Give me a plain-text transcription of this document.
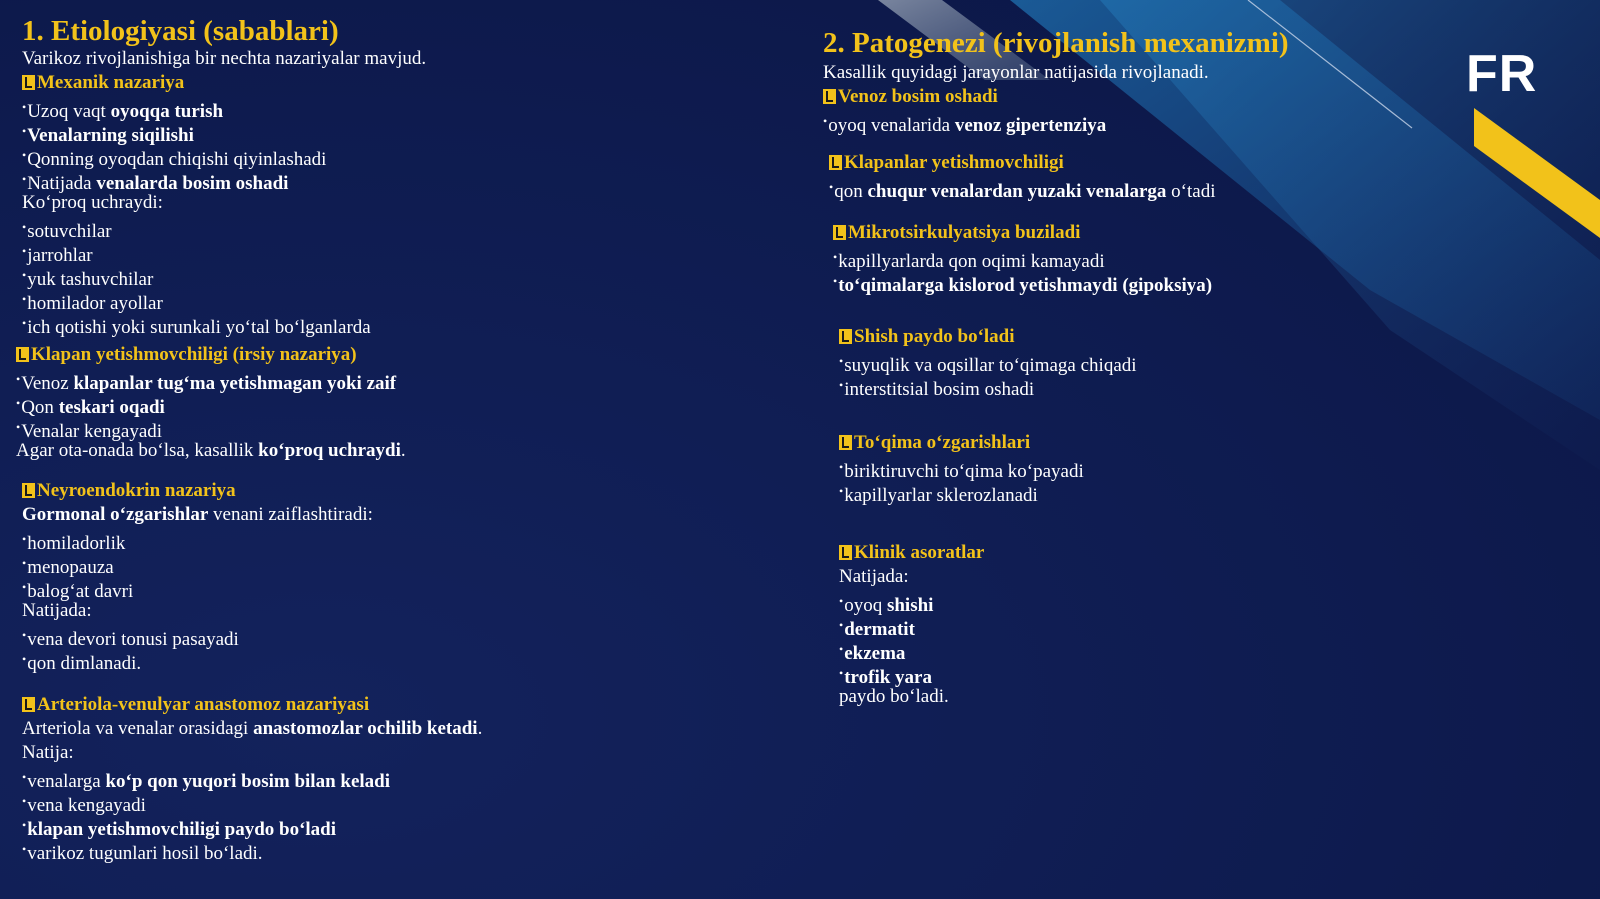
FR
1. Etiologiyasi (sabablari)
Varikoz rivojlanishiga bir nechta nazariyalar mavjud.
Mexanik nazariya
•Uzoq vaqt oyoqqa turish
•Venalarning siqilishi
•Qonning oyoqdan chiqishi qiyinlashadi
•Natijada venalarda bosim oshadi
Ko‘proq uchraydi:
•sotuvchilar
•jarrohlar
•yuk tashuvchilar
•homilador ayollar
•ich qotishi yoki surunkali yo‘tal bo‘lganlarda
Klapan yetishmovchiligi (irsiy nazariya)
•Venoz klapanlar tug‘ma yetishmagan yoki zaif
•Qon teskari oqadi
•Venalar kengayadi
Agar ota-onada bo‘lsa, kasallik ko‘proq uchraydi.
Neyroendokrin nazariya
Gormonal o‘zgarishlar venani zaiflashtiradi:
•homiladorlik
•menopauza
•balog‘at davri
Natijada:
•vena devori tonusi pasayadi
•qon dimlanadi.
Arteriola-venulyar anastomoz nazariyasi
Arteriola va venalar orasidagi anastomozlar ochilib ketadi.
Natija:
•venalarga ko‘p qon yuqori bosim bilan keladi
•vena kengayadi
•klapan yetishmovchiligi paydo bo‘ladi
•varikoz tugunlari hosil bo‘ladi.
2. Patogenezi (rivojlanish mexanizmi)
Kasallik quyidagi jarayonlar natijasida rivojlanadi.
Venoz bosim oshadi
•oyoq venalarida venoz gipertenziya
Klapanlar yetishmovchiligi
•qon chuqur venalardan yuzaki venalarga o‘tadi
Mikrotsirkulyatsiya buziladi
•kapillyarlarda qon oqimi kamayadi
•to‘qimalarga kislorod yetishmaydi (gipoksiya)
Shish paydo bo‘ladi
•suyuqlik va oqsillar to‘qimaga chiqadi
•interstitsial bosim oshadi
To‘qima o‘zgarishlari
•biriktiruvchi to‘qima ko‘payadi
•kapillyarlar sklerozlanadi
Klinik asoratlar
Natijada:
•oyoq shishi
•dermatit
•ekzema
•trofik yara
paydo bo‘ladi.
